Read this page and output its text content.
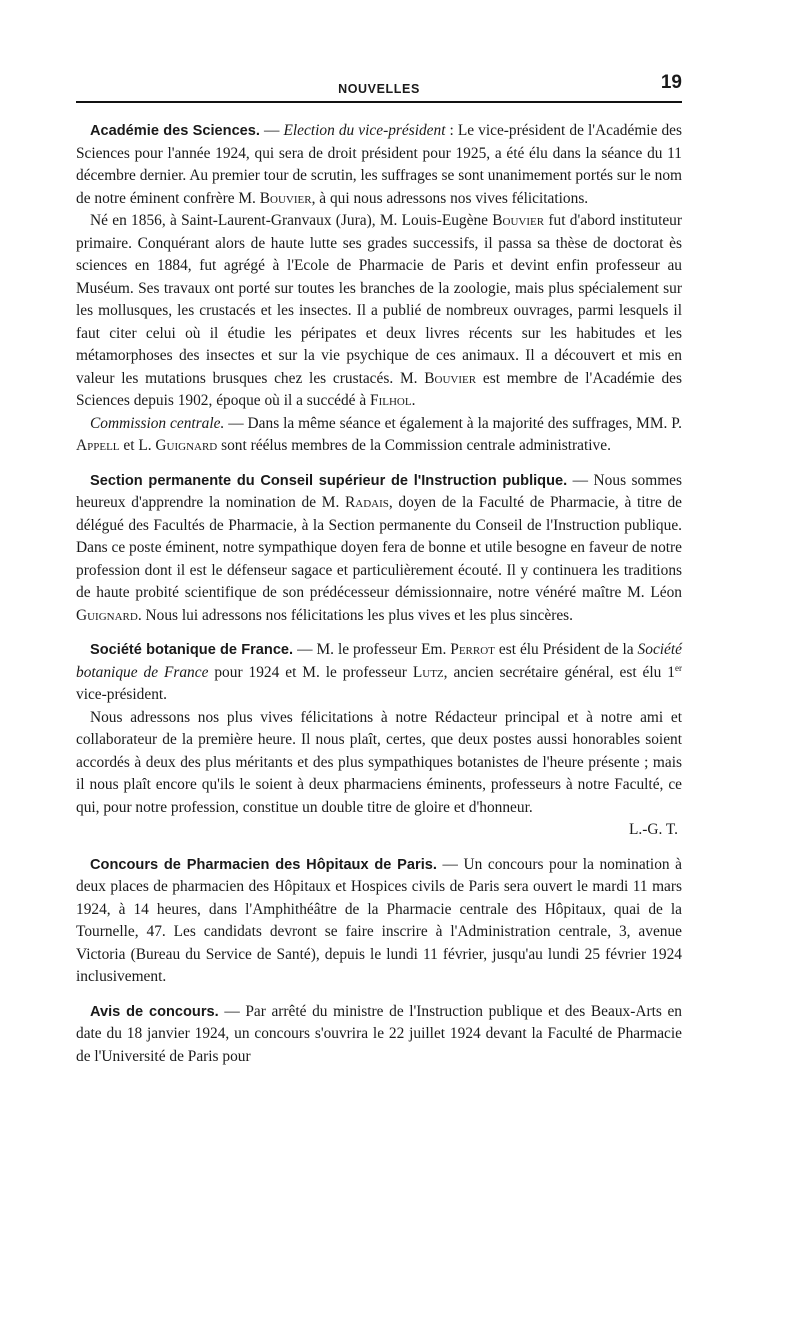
NOUVELLES	19

Académie des Sciences. — Election du vice-président : Le vice-président de l'Académie des Sciences pour l'année 1924, qui sera de droit président pour 1925, a été élu dans la séance du 11 décembre dernier. Au premier tour de scrutin, les suffrages se sont unanimement portés sur le nom de notre éminent confrère M. Bouvier, à qui nous adressons nos vives félicitations.

Né en 1856, à Saint-Laurent-Granvaux (Jura), M. Louis-Eugène Bouvier fut d'abord instituteur primaire. Conquérant alors de haute lutte ses grades successifs, il passa sa thèse de doctorat ès sciences en 1884, fut agrégé à l'Ecole de Pharmacie de Paris et devint enfin professeur au Muséum. Ses travaux ont porté sur toutes les branches de la zoologie, mais plus spécialement sur les mollusques, les crustacés et les insectes. Il a publié de nombreux ouvrages, parmi lesquels il faut citer celui où il étudie les péripates et deux livres récents sur les habitudes et les métamorphoses des insectes et sur la vie psychique de ces animaux. Il a découvert et mis en valeur les mutations brusques chez les crustacés. M. Bouvier est membre de l'Académie des Sciences depuis 1902, époque où il a succédé à Filhol.

Commission centrale. — Dans la même séance et également à la majorité des suffrages, MM. P. Appell et L. Guignard sont réélus membres de la Commission centrale administrative.

Section permanente du Conseil supérieur de l'Instruction publique. — Nous sommes heureux d'apprendre la nomination de M. Radais, doyen de la Faculté de Pharmacie, à titre de délégué des Facultés de Pharmacie, à la Section permanente du Conseil de l'Instruction publique. Dans ce poste éminent, notre sympathique doyen fera de bonne et utile besogne en faveur de notre profession dont il est le défenseur sagace et particulièrement écouté. Il y continuera les traditions de haute probité scientifique de son prédécesseur démissionnaire, notre vénéré maître M. Léon Guignard. Nous lui adressons nos félicitations les plus vives et les plus sincères.

Société botanique de France. — M. le professeur Em. Perrot est élu Président de la Société botanique de France pour 1924 et M. le professeur Lutz, ancien secrétaire général, est élu 1er vice-président.

Nous adressons nos plus vives félicitations à notre Rédacteur principal et à notre ami et collaborateur de la première heure. Il nous plaît, certes, que deux postes aussi honorables soient accordés à deux des plus méritants et des plus sympathiques botanistes de l'heure présente ; mais il nous plaît encore qu'ils le soient à deux pharmaciens éminents, professeurs à notre Faculté, ce qui, pour notre profession, constitue un double titre de gloire et d'honneur.

L.-G. T.

Concours de Pharmacien des Hôpitaux de Paris. — Un concours pour la nomination à deux places de pharmacien des Hôpitaux et Hospices civils de Paris sera ouvert le mardi 11 mars 1924, à 14 heures, dans l'Amphithéâtre de la Pharmacie centrale des Hôpitaux, quai de la Tournelle, 47. Les candidats devront se faire inscrire à l'Administration centrale, 3, avenue Victoria (Bureau du Service de Santé), depuis le lundi 11 février, jusqu'au lundi 25 février 1924 inclusivement.

Avis de concours. — Par arrêté du ministre de l'Instruction publique et des Beaux-Arts en date du 18 janvier 1924, un concours s'ouvrira le 22 juillet 1924 devant la Faculté de Pharmacie de l'Université de Paris pour
